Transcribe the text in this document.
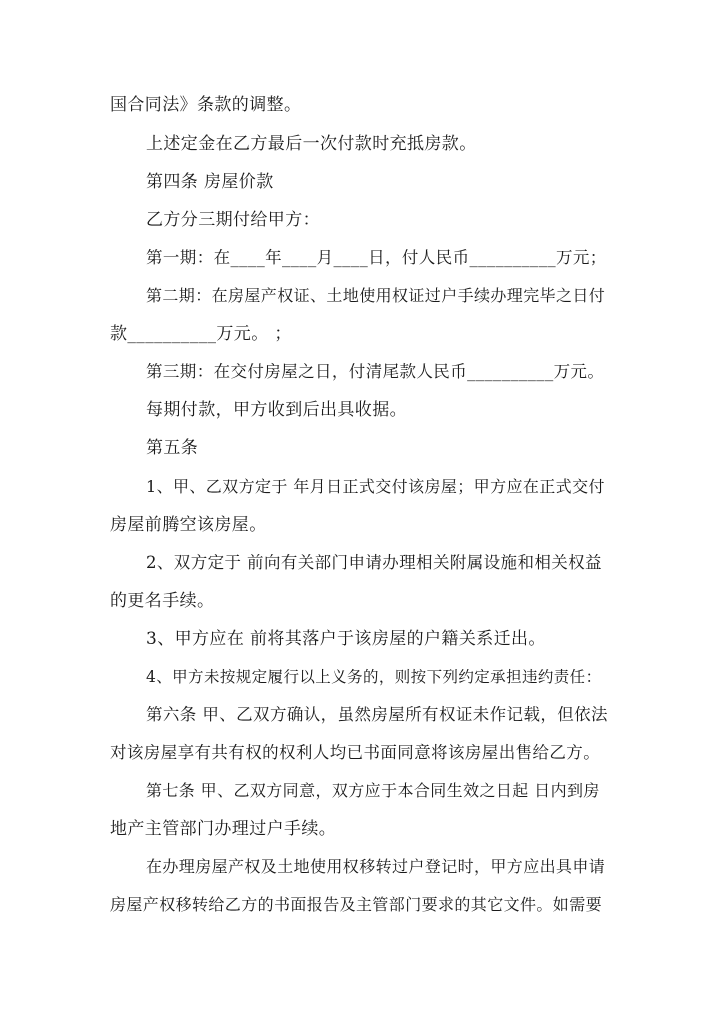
国合同法》条款的调整。
上述定金在乙方最后一次付款时充抵房款。
第四条 房屋价款
乙方分三期付给甲方：
第一期：在____年____月____日，付人民币__________万元；
第二期：在房屋产权证、土地使用权证过户手续办理完毕之日付
款__________万元。 ；
第三期：在交付房屋之日，付清尾款人民币__________万元。
每期付款，甲方收到后出具收据。
第五条
1、甲、乙双方定于 年月日正式交付该房屋；甲方应在正式交付
房屋前腾空该房屋。
2、双方定于 前向有关部门申请办理相关附属设施和相关权益
的更名手续。
3、甲方应在 前将其落户于该房屋的户籍关系迁出。
4、甲方未按规定履行以上义务的，则按下列约定承担违约责任：
第六条 甲、乙双方确认，虽然房屋所有权证未作记载，但依法
对该房屋享有共有权的权利人均已书面同意将该房屋出售给乙方。
第七条 甲、乙双方同意，双方应于本合同生效之日起 日内到房
地产主管部门办理过户手续。
在办理房屋产权及土地使用权移转过户登记时，甲方应出具申请
房屋产权移转给乙方的书面报告及主管部门要求的其它文件。如需要
